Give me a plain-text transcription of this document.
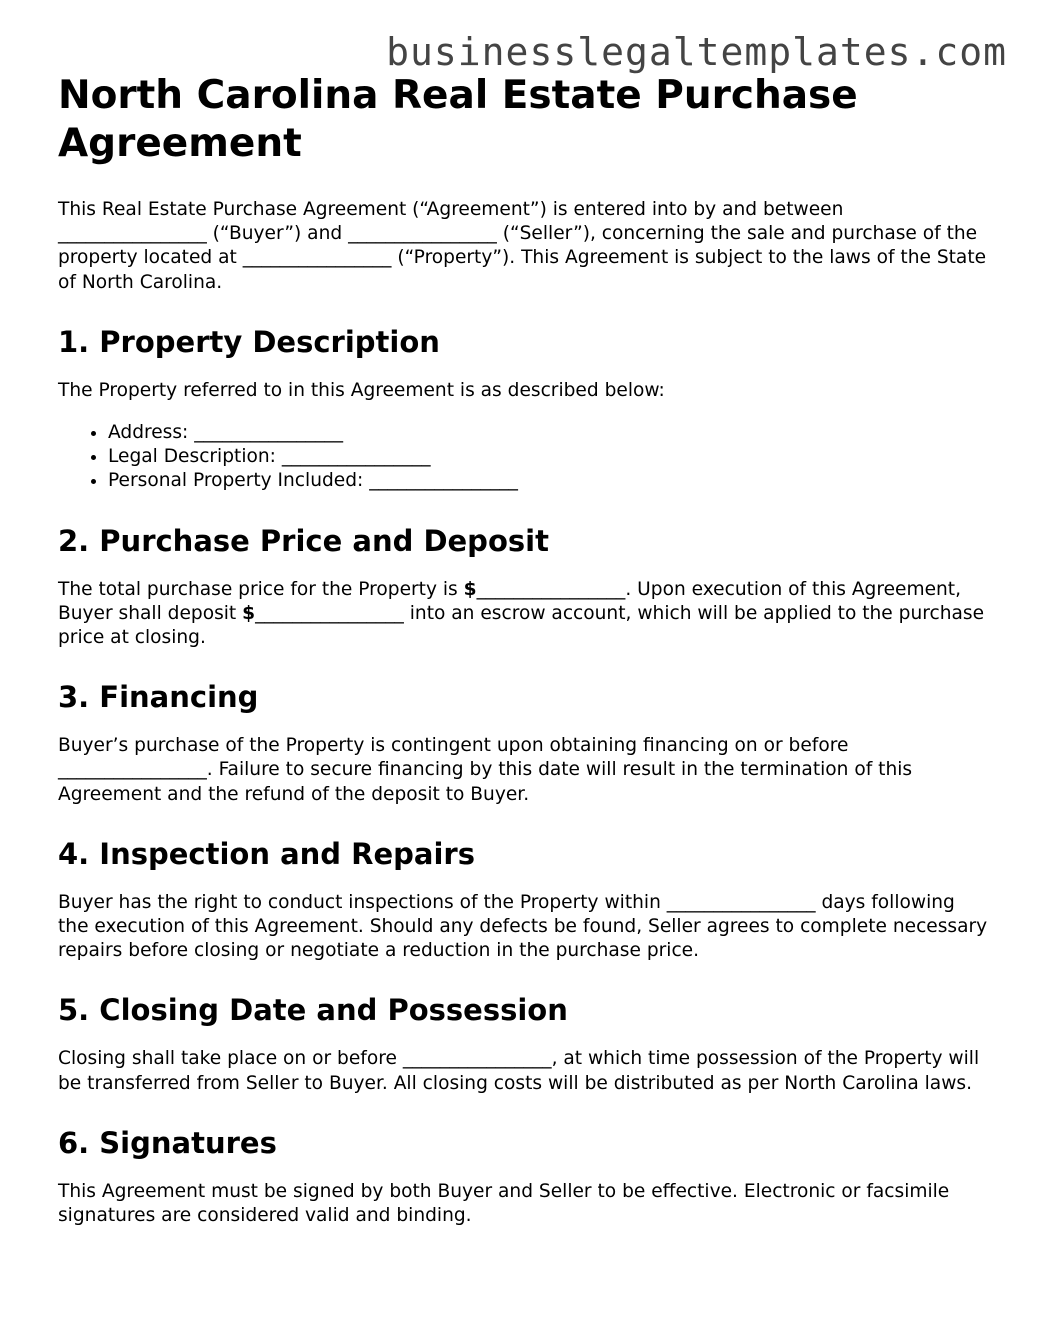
businesslegaltemplates.com
North Carolina Real Estate Purchase Agreement

This Real Estate Purchase Agreement (“Agreement”) is entered into by and between ________________ (“Buyer”) and ________________ (“Seller”), concerning the sale and purchase of the property located at ________________ (“Property”). This Agreement is subject to the laws of the State of North Carolina.

1. Property Description

The Property referred to in this Agreement is as described below:

• Address: ________________
• Legal Description: ________________
• Personal Property Included: ________________
2. Purchase Price and Deposit

The total purchase price for the Property is $________________. Upon execution of this Agreement, Buyer shall deposit $________________ into an escrow account, which will be applied to the purchase price at closing.

3. Financing

Buyer’s purchase of the Property is contingent upon obtaining financing on or before ________________. Failure to secure financing by this date will result in the termination of this Agreement and the refund of the deposit to Buyer.

4. Inspection and Repairs

Buyer has the right to conduct inspections of the Property within ________________ days following the execution of this Agreement. Should any defects be found, Seller agrees to complete necessary repairs before closing or negotiate a reduction in the purchase price.

5. Closing Date and Possession

Closing shall take place on or before ________________, at which time possession of the Property will be transferred from Seller to Buyer. All closing costs will be distributed as per North Carolina laws.

6. Signatures

This Agreement must be signed by both Buyer and Seller to be effective. Electronic or facsimile signatures are considered valid and binding.
